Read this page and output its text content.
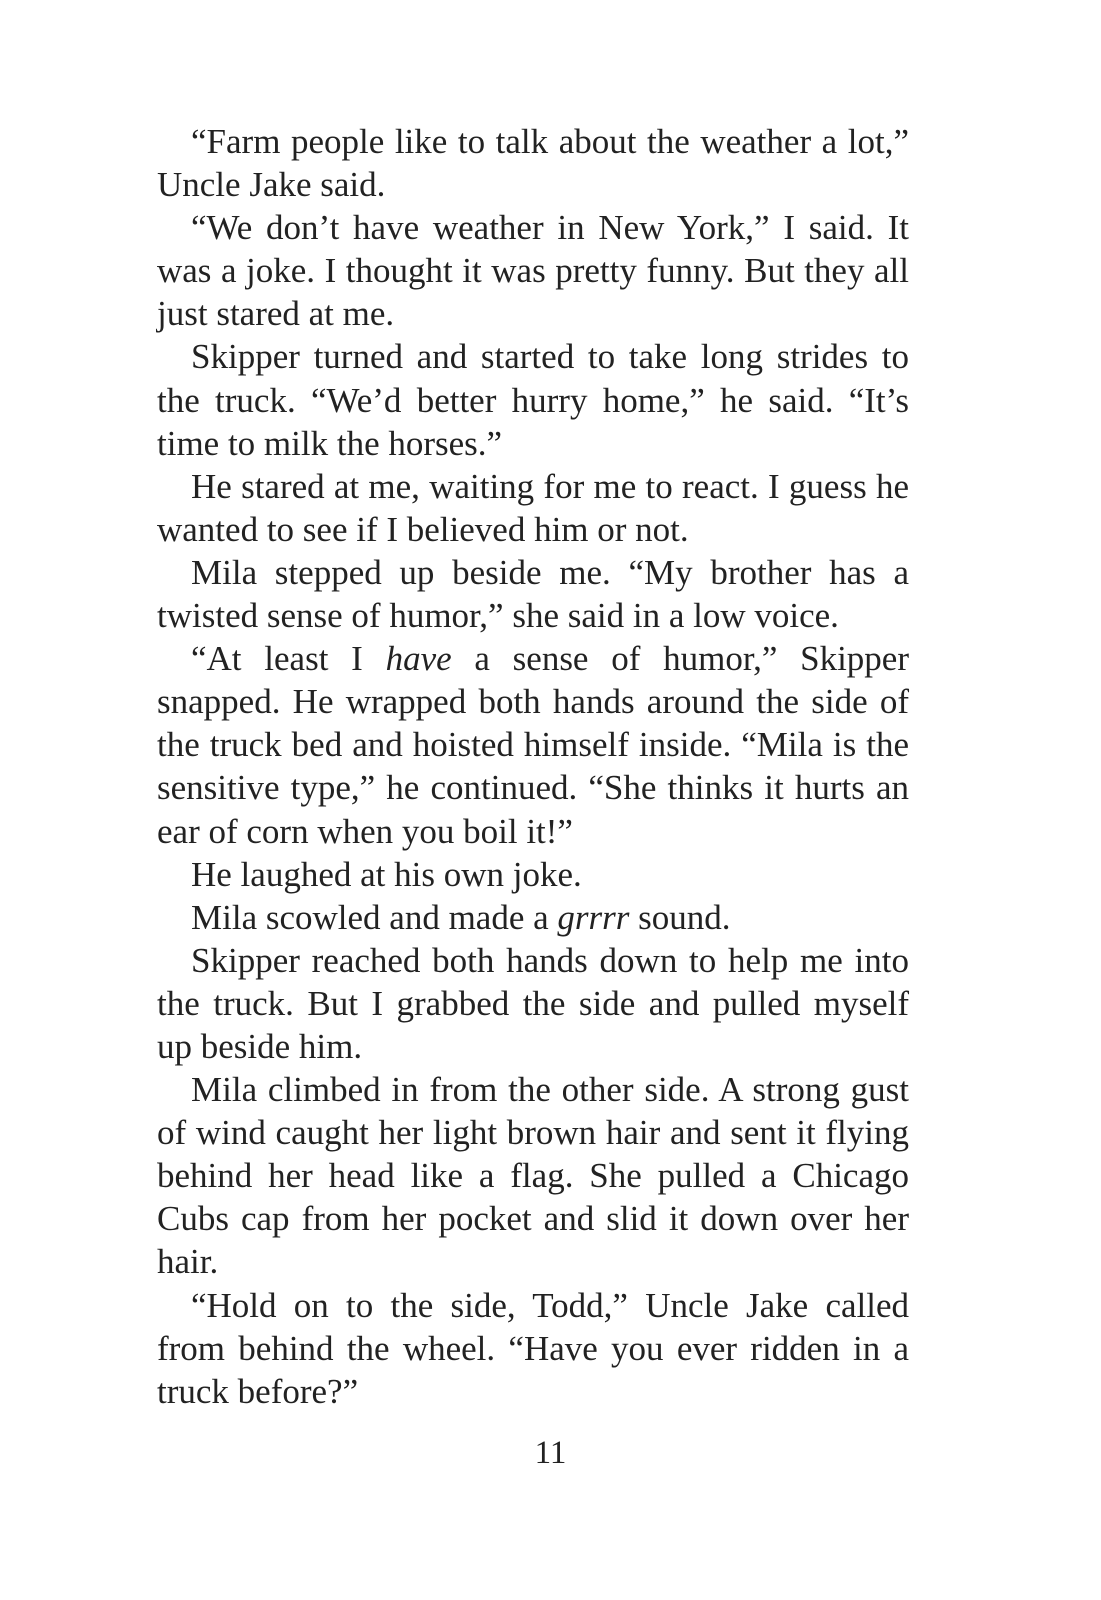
“Farm people like to talk about the weather a lot,” Uncle Jake said.

“We don’t have weather in New York,” I said. It was a joke. I thought it was pretty funny. But they all just stared at me.

Skipper turned and started to take long strides to the truck. “We’d better hurry home,” he said. “It’s time to milk the horses.”

He stared at me, waiting for me to react. I guess he wanted to see if I believed him or not.

Mila stepped up beside me. “My brother has a twisted sense of humor,” she said in a low voice.

“At least I have a sense of humor,” Skipper snapped. He wrapped both hands around the side of the truck bed and hoisted himself inside. “Mila is the sensitive type,” he continued. “She thinks it hurts an ear of corn when you boil it!”

He laughed at his own joke.

Mila scowled and made a grrrr sound.

Skipper reached both hands down to help me into the truck. But I grabbed the side and pulled myself up beside him.

Mila climbed in from the other side. A strong gust of wind caught her light brown hair and sent it flying behind her head like a flag. She pulled a Chicago Cubs cap from her pocket and slid it down over her hair.

“Hold on to the side, Todd,” Uncle Jake called from behind the wheel. “Have you ever ridden in a truck before?”

11
